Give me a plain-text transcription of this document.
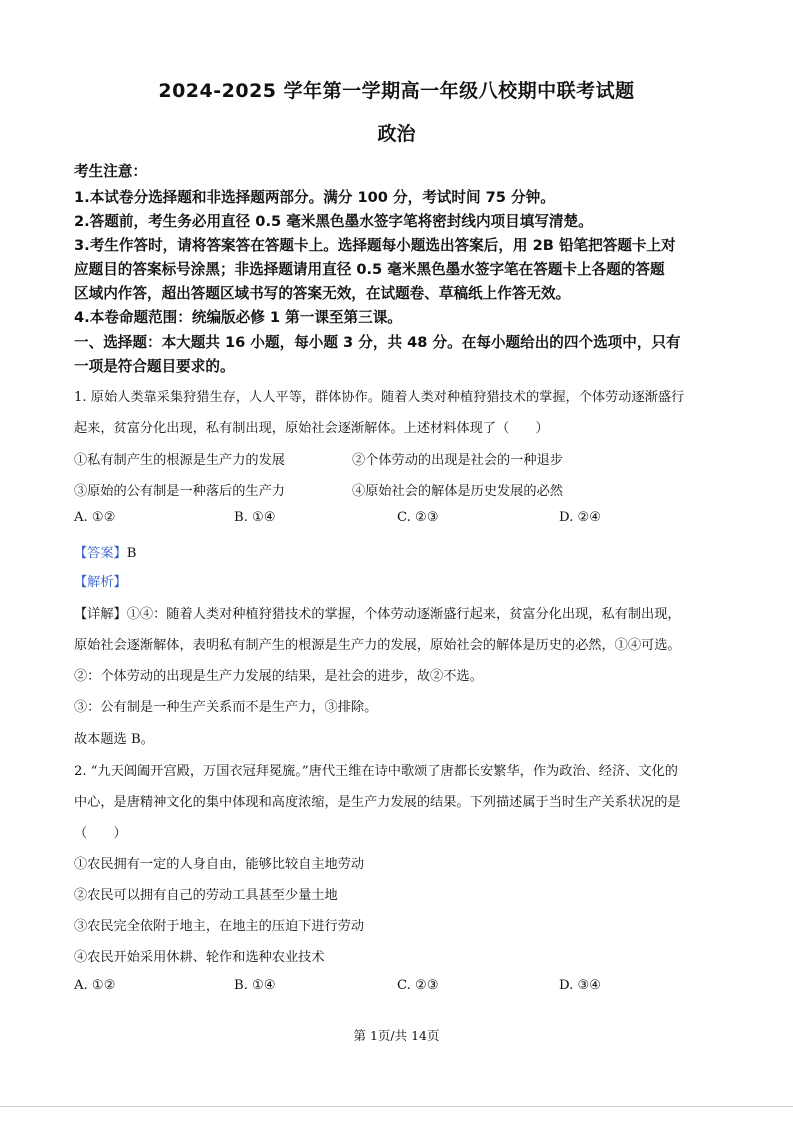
2024-2025 学年第一学期高一年级八校期中联考试题
政治
考生注意：
1.本试卷分选择题和非选择题两部分。满分 100 分，考试时间 75 分钟。
2.答题前，考生务必用直径 0.5 毫米黑色墨水签字笔将密封线内项目填写清楚。
3.考生作答时，请将答案答在答题卡上。选择题每小题选出答案后，用 2B 铅笔把答题卡上对
应题目的答案标号涂黑；非选择题请用直径 0.5 毫米黑色墨水签字笔在答题卡上各题的答题
区域内作答，超出答题区域书写的答案无效，在试题卷、草稿纸上作答无效。
4.本卷命题范围：统编版必修 1 第一课至第三课。
一、选择题：本大题共 16 小题，每小题 3 分，共 48 分。在每小题给出的四个选项中，只有
一项是符合题目要求的。
1. 原始人类靠采集狩猎生存，人人平等，群体协作。随着人类对种植狩猎技术的掌握，个体劳动逐渐盛行
起来，贫富分化出现，私有制出现，原始社会逐渐解体。上述材料体现了（　　）
①私有制产生的根源是生产力的发展	②个体劳动的出现是社会的一种退步
③原始的公有制是一种落后的生产力	④原始社会的解体是历史发展的必然
A. ①②	B. ①④	C. ②③	D. ②④
【答案】B
【解析】
【详解】①④：随着人类对种植狩猎技术的掌握，个体劳动逐渐盛行起来，贫富分化出现，私有制出现，
原始社会逐渐解体，表明私有制产生的根源是生产力的发展，原始社会的解体是历史的必然，①④可选。
②：个体劳动的出现是生产力发展的结果，是社会的进步，故②不选。
③：公有制是一种生产关系而不是生产力，③排除。
故本题选 B。
2. “九天阊阖开宫殿，万国衣冠拜冕旒。”唐代王维在诗中歌颂了唐都长安繁华，作为政治、经济、文化的
中心，是唐精神文化的集中体现和高度浓缩，是生产力发展的结果。下列描述属于当时生产关系状况的是
（　　）
①农民拥有一定的人身自由，能够比较自主地劳动
②农民可以拥有自己的劳动工具甚至少量土地
③农民完全依附于地主，在地主的压迫下进行劳动
④农民开始采用休耕、轮作和选种农业技术
A. ①②	B. ①④	C. ②③	D. ③④
第 1页/共 14页
